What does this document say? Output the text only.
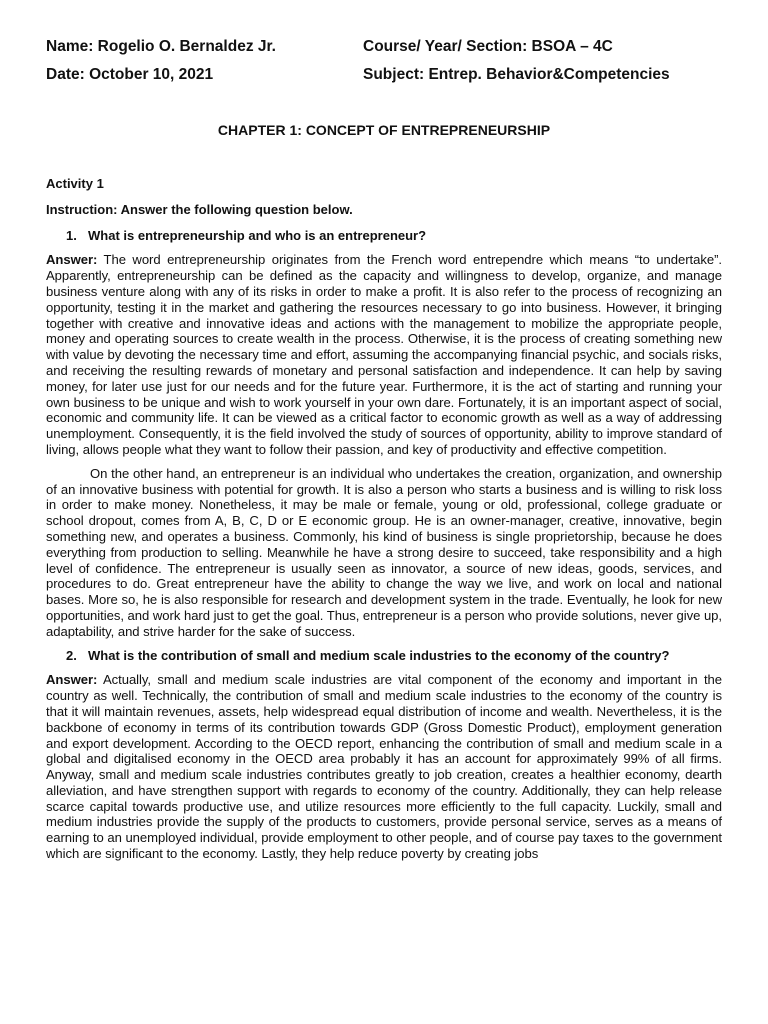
Name: Rogelio O. Bernaldez Jr.	Course/ Year/ Section: BSOA – 4C
Date: October 10, 2021	Subject: Entrep. Behavior&Competencies
CHAPTER 1: CONCEPT OF ENTREPRENEURSHIP
Activity 1
Instruction: Answer the following question below.
1. What is entrepreneurship and who is an entrepreneur?
Answer: The word entrepreneurship originates from the French word entrependre which means “to undertake”. Apparently, entrepreneurship can be defined as the capacity and willingness to develop, organize, and manage business venture along with any of its risks in order to make a profit. It is also refer to the process of recognizing an opportunity, testing it in the market and gathering the resources necessary to go into business. However, it bringing together with creative and innovative ideas and actions with the management to mobilize the appropriate people, money and operating sources to create wealth in the process. Otherwise, it is the process of creating something new with value by devoting the necessary time and effort, assuming the accompanying financial psychic, and socials risks, and receiving the resulting rewards of monetary and personal satisfaction and independence. It can help by saving money, for later use just for our needs and for the future year. Furthermore, it is the act of starting and running your own business to be unique and wish to work yourself in your own dare. Fortunately, it is an important aspect of social, economic and community life. It can be viewed as a critical factor to economic growth as well as a way of addressing unemployment. Consequently, it is the field involved the study of sources of opportunity, ability to improve standard of living, allows people what they want to follow their passion, and key of productivity and effective competition.
On the other hand, an entrepreneur is an individual who undertakes the creation, organization, and ownership of an innovative business with potential for growth. It is also a person who starts a business and is willing to risk loss in order to make money. Nonetheless, it may be male or female, young or old, professional, college graduate or school dropout, comes from A, B, C, D or E economic group. He is an owner-manager, creative, innovative, begin something new, and operates a business. Commonly, his kind of business is single proprietorship, because he does everything from production to selling. Meanwhile he have a strong desire to succeed, take responsibility and a high level of confidence. The entrepreneur is usually seen as innovator, a source of new ideas, goods, services, and procedures to do. Great entrepreneur have the ability to change the way we live, and work on local and national bases. More so, he is also responsible for research and development system in the trade. Eventually, he look for new opportunities, and work hard just to get the goal. Thus, entrepreneur is a person who provide solutions, never give up, adaptability, and strive harder for the sake of success.
2. What is the contribution of small and medium scale industries to the economy of the country?
Answer: Actually, small and medium scale industries are vital component of the economy and important in the country as well. Technically, the contribution of small and medium scale industries to the economy of the country is that it will maintain revenues, assets, help widespread equal distribution of income and wealth. Nevertheless, it is the backbone of economy in terms of its contribution towards GDP (Gross Domestic Product), employment generation and export development. According to the OECD report, enhancing the contribution of small and medium scale in a global and digitalised economy in the OECD area probably it has an account for approximately 99% of all firms. Anyway, small and medium scale industries contributes greatly to job creation, creates a healthier economy, dearth alleviation, and have strengthen support with regards to economy of the country. Additionally, they can help release scarce capital towards productive use, and utilize resources more efficiently to the full capacity. Luckily, small and medium industries provide the supply of the products to customers, provide personal service, serves as a means of earning to an unemployed individual, provide employment to other people, and of course pay taxes to the government which are significant to the economy. Lastly, they help reduce poverty by creating jobs
